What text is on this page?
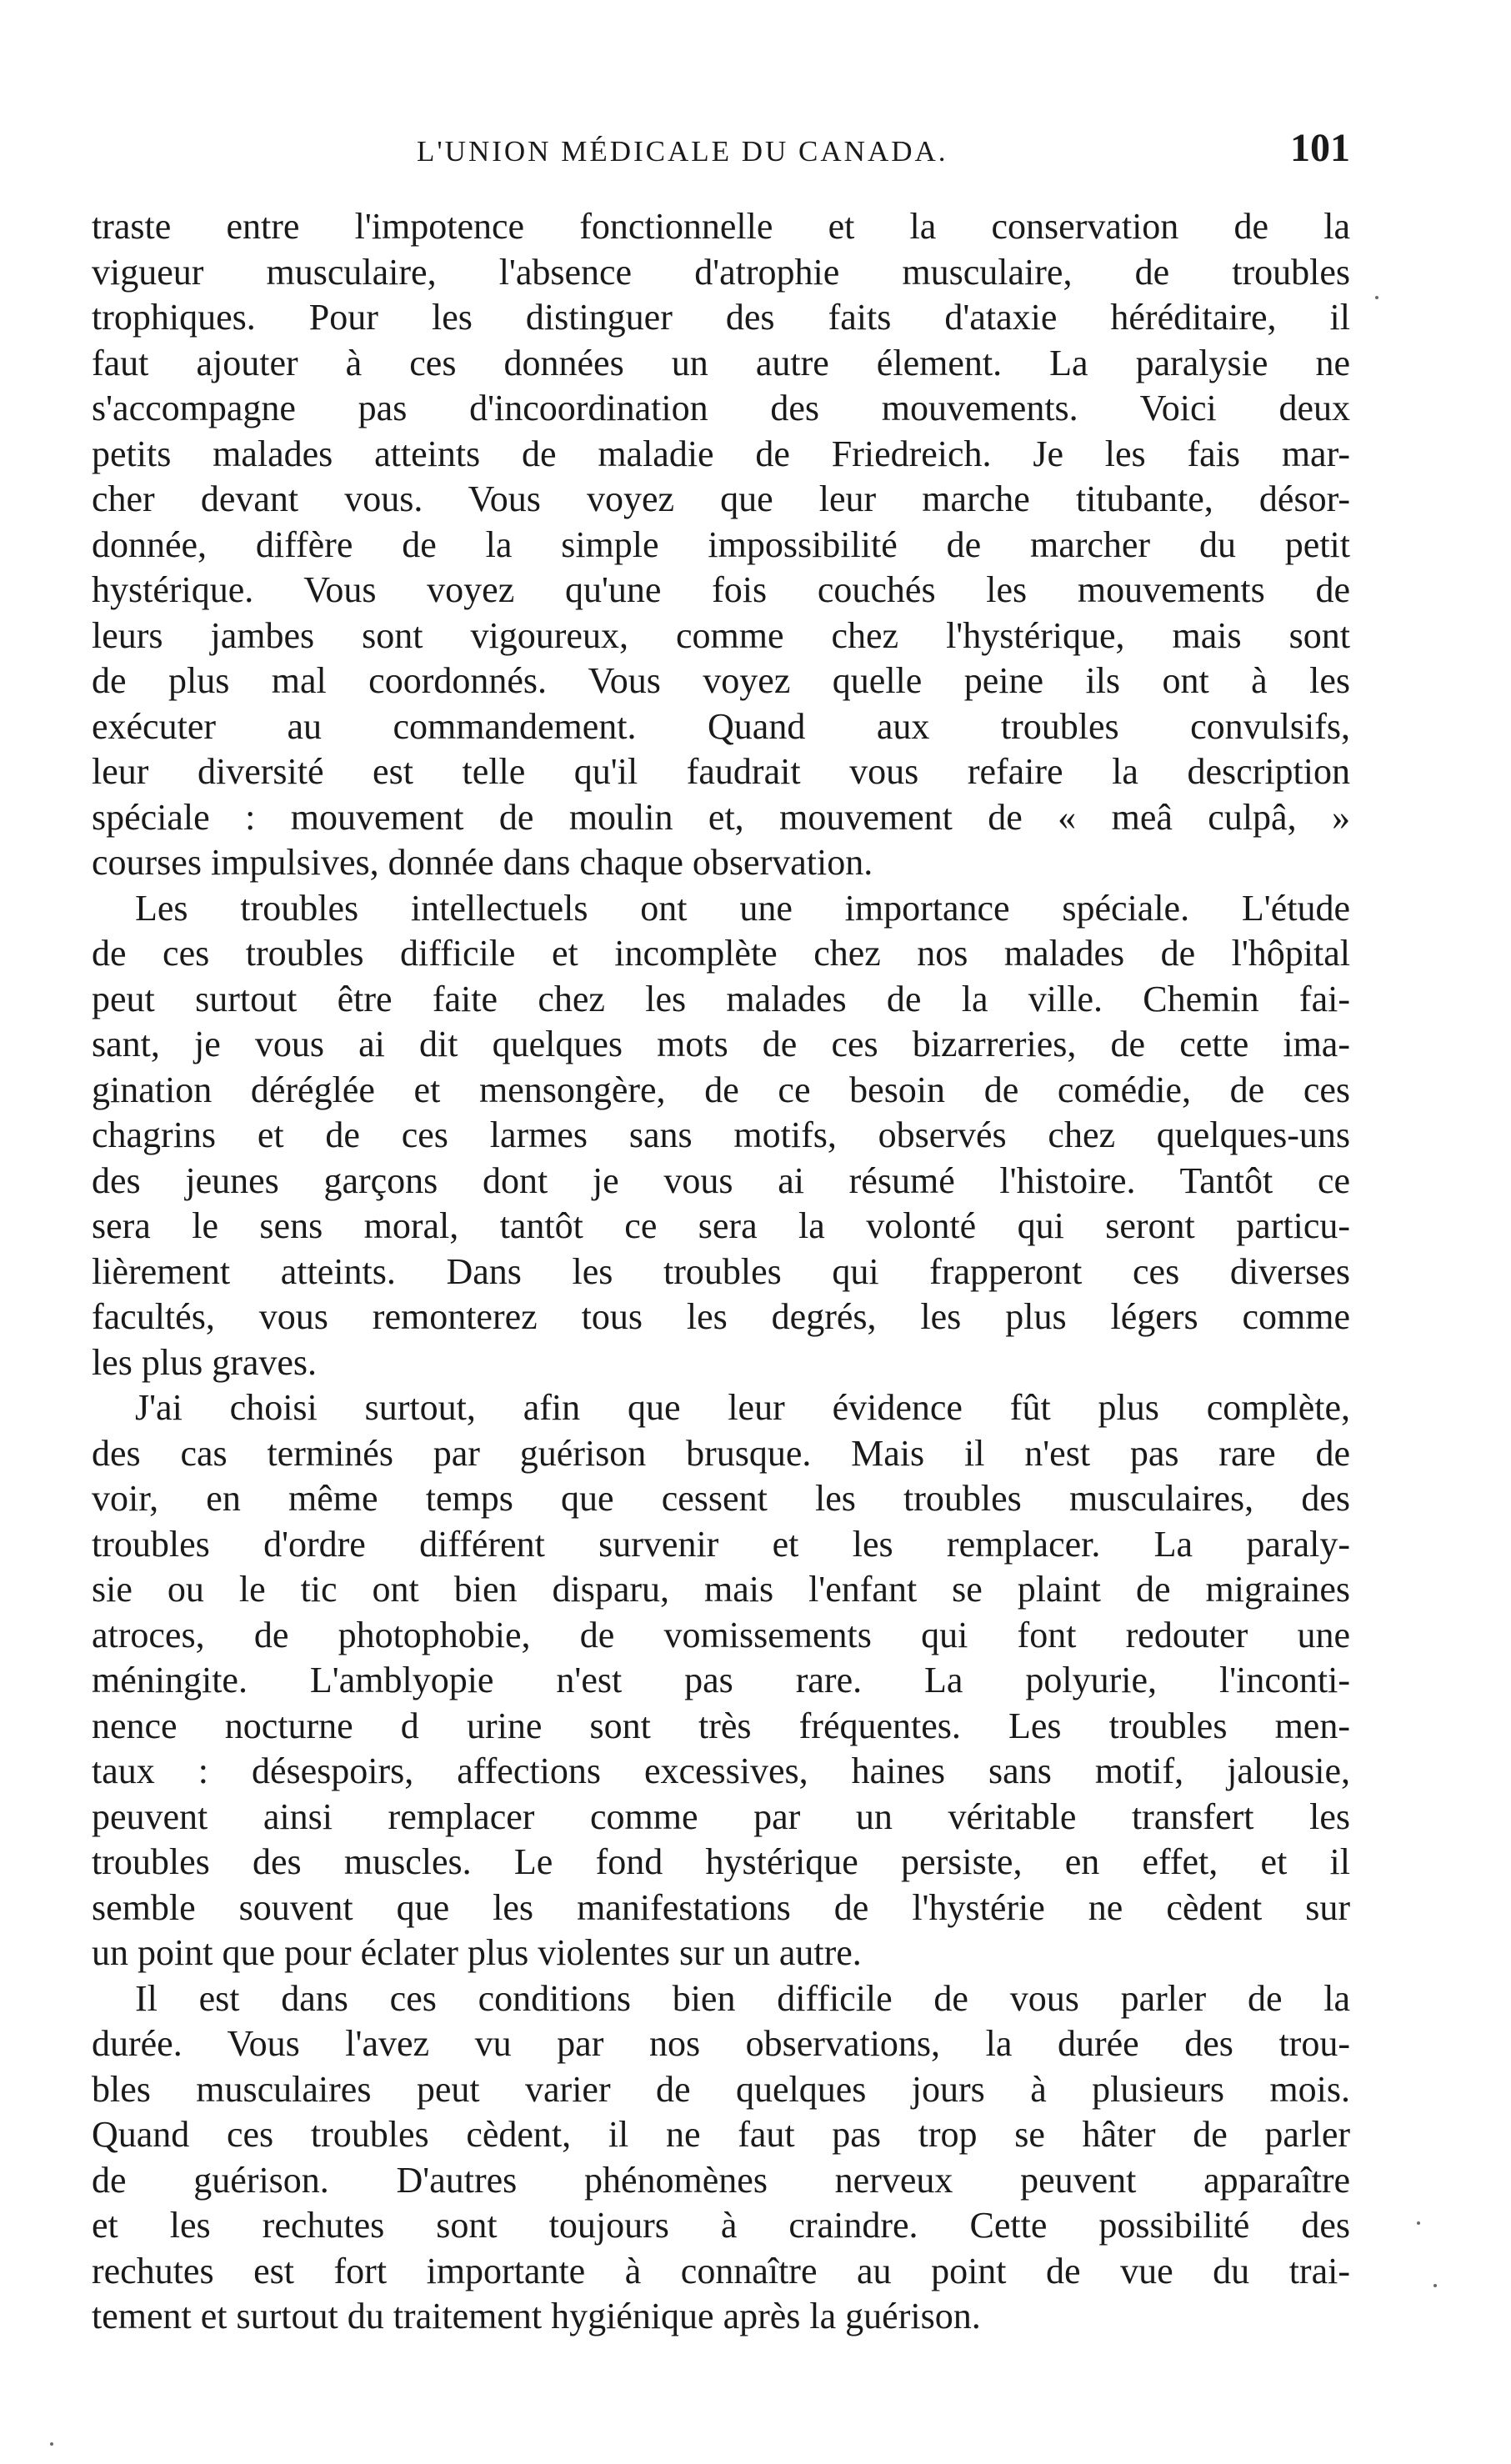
L'UNION MÉDICALE DU CANADA.	101
traste entre l'impotence fonctionnelle et la conservation de la
vigueur musculaire, l'absence d'atrophie musculaire, de troubles
trophiques. Pour les distinguer des faits d'ataxie héréditaire, il
faut ajouter à ces données un autre élement. La paralysie ne
s'accompagne pas d'incoordination des mouvements. Voici deux
petits malades atteints de maladie de Friedreich. Je les fais mar-
cher devant vous. Vous voyez que leur marche titubante, désor-
donnée, diffère de la simple impossibilité de marcher du petit
hystérique. Vous voyez qu'une fois couchés les mouvements de
leurs jambes sont vigoureux, comme chez l'hystérique, mais sont
de plus mal coordonnés. Vous voyez quelle peine ils ont à les
exécuter au commandement. Quand aux troubles convulsifs,
leur diversité est telle qu'il faudrait vous refaire la description
spéciale : mouvement de moulin et, mouvement de « meâ culpâ, »
courses impulsives, donnée dans chaque observation.
Les troubles intellectuels ont une importance spéciale. L'étude
de ces troubles difficile et incomplète chez nos malades de l'hôpital
peut surtout être faite chez les malades de la ville. Chemin fai-
sant, je vous ai dit quelques mots de ces bizarreries, de cette ima-
gination déréglée et mensongère, de ce besoin de comédie, de ces
chagrins et de ces larmes sans motifs, observés chez quelques-uns
des jeunes garçons dont je vous ai résumé l'histoire. Tantôt ce
sera le sens moral, tantôt ce sera la volonté qui seront particu-
lièrement atteints. Dans les troubles qui frapperont ces diverses
facultés, vous remonterez tous les degrés, les plus légers comme
les plus graves.
J'ai choisi surtout, afin que leur évidence fût plus complète,
des cas terminés par guérison brusque. Mais il n'est pas rare de
voir, en même temps que cessent les troubles musculaires, des
troubles d'ordre différent survenir et les remplacer. La paraly-
sie ou le tic ont bien disparu, mais l'enfant se plaint de migraines
atroces, de photophobie, de vomissements qui font redouter une
méningite. L'amblyopie n'est pas rare. La polyurie, l'inconti-
nence nocturne d urine sont très fréquentes. Les troubles men-
taux : désespoirs, affections excessives, haines sans motif, jalousie,
peuvent ainsi remplacer comme par un véritable transfert les
troubles des muscles. Le fond hystérique persiste, en effet, et il
semble souvent que les manifestations de l'hystérie ne cèdent sur
un point que pour éclater plus violentes sur un autre.
Il est dans ces conditions bien difficile de vous parler de la
durée. Vous l'avez vu par nos observations, la durée des trou-
bles musculaires peut varier de quelques jours à plusieurs mois.
Quand ces troubles cèdent, il ne faut pas trop se hâter de parler
de guérison. D'autres phénomènes nerveux peuvent apparaître
et les rechutes sont toujours à craindre. Cette possibilité des
rechutes est fort importante à connaître au point de vue du trai-
tement et surtout du traitement hygiénique après la guérison.
